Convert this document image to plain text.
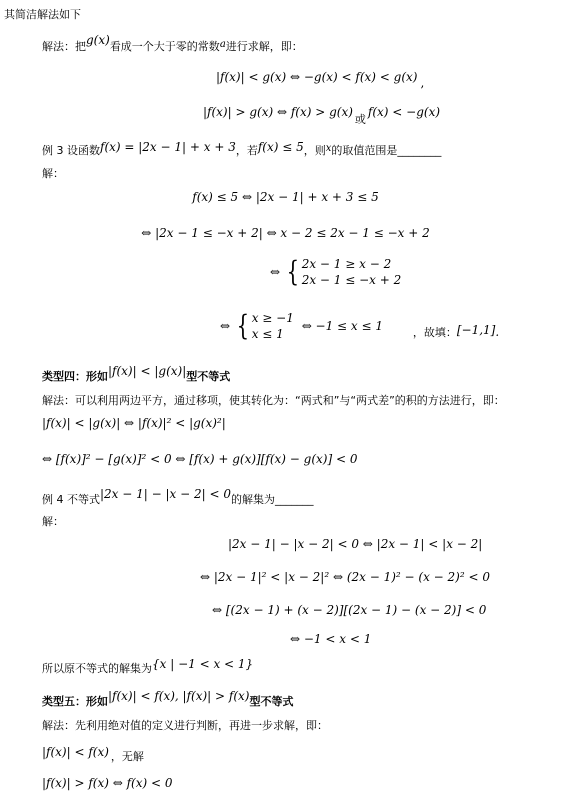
其简洁解法如下
解法：把g(x)看成一个大于零的常数a进行求解，即：
|f(x)| < g(x) ⇔ −g(x) < f(x) < g(x) ,
|f(x)| > g(x) ⇔ f(x) > g(x)或f(x) < −g(x)
例 3 设函数f(x) = |2x − 1| + x + 3，若f(x) ≤ 5，则x的取值范围是________
解：
f(x) ≤ 5 ⇔ |2x − 1| + x + 3 ≤ 5
⇔ |2x − 1 ≤ −x + 2| ⇔ x − 2 ≤ 2x − 1 ≤ −x + 2
⇔ { 2x − 1 ≥ x − 2
2x − 1 ≤ −x + 2
⇔ { x ≥ −1
x ≤ 1 ⇔ −1 ≤ x ≤ 1	，故填：[−1,1].
类型四：形如|f(x)| < |g(x)|型不等式
解法：可以利用两边平方，通过移项，使其转化为：“两式和”与“两式差”的积的方法进行，即：
|f(x)| < |g(x)| ⇔ |f(x)|² < |g(x)²|
⇔ [f(x)]² − [g(x)]² < 0 ⇔ [f(x) + g(x)][f(x) − g(x)] < 0
例 4 不等式|2x − 1| − |x − 2| < 0的解集为_______
解：
|2x − 1| − |x − 2| < 0 ⇔ |2x − 1| < |x − 2|
⇔ |2x − 1|² < |x − 2|² ⇔ (2x − 1)² − (x − 2)² < 0
⇔ [(2x − 1) + (x − 2)][(2x − 1) − (x − 2)] < 0
⇔ −1 < x < 1
所以原不等式的解集为{x | −1 < x < 1}
类型五：形如|f(x)| < f(x), |f(x)| > f(x)型不等式
解法：先利用绝对值的定义进行判断，再进一步求解，即：
|f(x)| < f(x) ，无解
|f(x)| > f(x) ⇔ f(x) < 0
